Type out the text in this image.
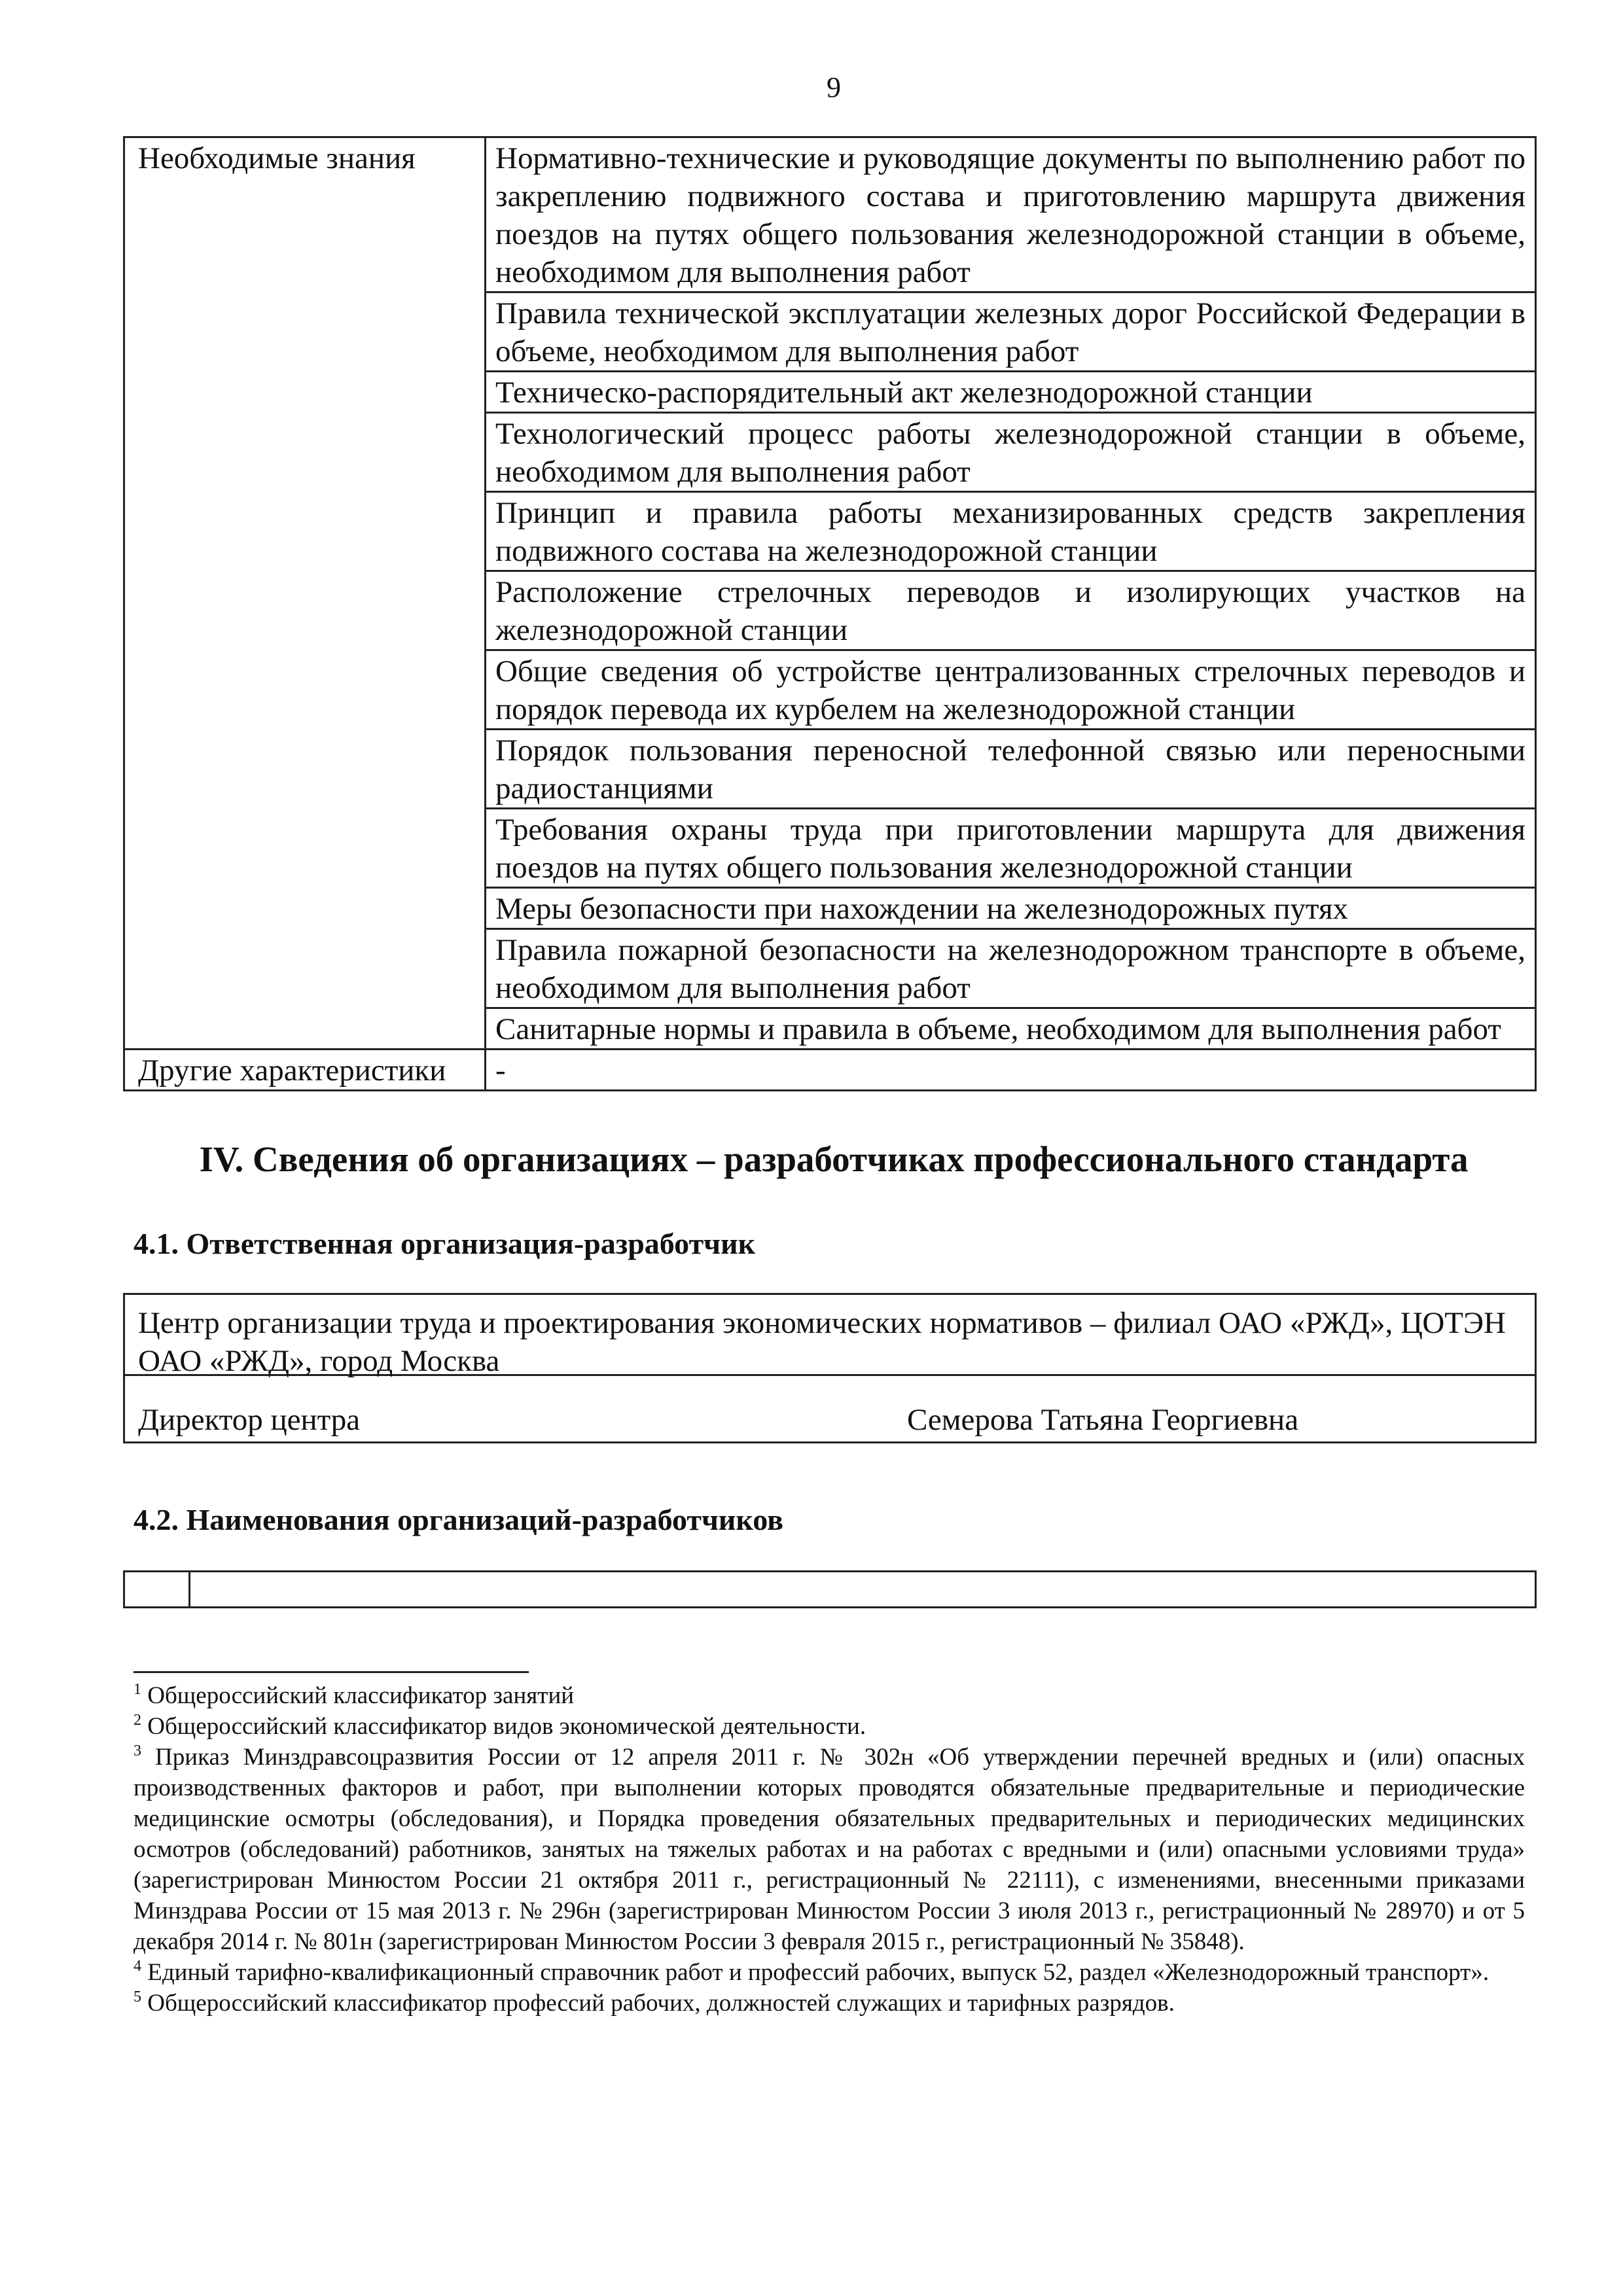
9
Необходимые знания	Нормативно-технические и руководящие документы по выполнению работ по закреплению подвижного состава и приготовлению маршрута движения поездов на путях общего пользования железнодорожной станции в объеме, необходимом для выполнения работ
	Правила технической эксплуатации железных дорог Российской Федерации в объеме, необходимом для выполнения работ
	Техническо-распорядительный акт железнодорожной станции
	Технологический процесс работы железнодорожной станции в объеме, необходимом для выполнения работ
	Принцип и правила работы механизированных средств закрепления подвижного состава на железнодорожной станции
	Расположение стрелочных переводов и изолирующих участков на железнодорожной станции
	Общие сведения об устройстве централизованных стрелочных переводов и порядок перевода их курбелем на железнодорожной станции
	Порядок пользования переносной телефонной связью или переносными радиостанциями
	Требования охраны труда при приготовлении маршрута для движения поездов на путях общего пользования железнодорожной станции
	Меры безопасности при нахождении на железнодорожных путях
	Правила пожарной безопасности на железнодорожном транспорте в объеме, необходимом для выполнения работ
	Санитарные нормы и правила в объеме, необходимом для выполнения работ
Другие характеристики	-
IV. Сведения об организациях – разработчиках профессионального стандарта
4.1. Ответственная организация-разработчик
Центр организации труда и проектирования экономических нормативов – филиал ОАО «РЖД», ЦОТЭН ОАО «РЖД», город Москва
Директор центра	Семерова Татьяна Георгиевна
4.2. Наименования организаций-разработчиков

$^1$ Общероссийский классификатор занятий

$^2$ Общероссийский классификатор видов экономической деятельности.

$^3$ Приказ Минздравсоцразвития России от 12 апреля 2011 г. № 302н «Об утверждении перечней вредных и (или) опасных производственных факторов и работ, при выполнении которых проводятся обязательные предварительные и периодические медицинские осмотры (обследования), и Порядка проведения обязательных предварительных и периодических медицинских осмотров (обследований) работников, занятых на тяжелых работах и на работах с вредными и (или) опасными условиями труда» (зарегистрирован Минюстом России 21 октября 2011 г., регистрационный № 22111), с изменениями, внесенными приказами Минздрава России от 15 мая 2013 г. № 296н (зарегистрирован Минюстом России 3 июля 2013 г., регистрационный № 28970) и от 5 декабря 2014 г. № 801н (зарегистрирован Минюстом России 3 февраля 2015 г., регистрационный № 35848).

$^4$ Единый тарифно-квалификационный справочник работ и профессий рабочих, выпуск 52, раздел «Железнодорожный транспорт».

$^5$ Общероссийский классификатор профессий рабочих, должностей служащих и тарифных разрядов.
